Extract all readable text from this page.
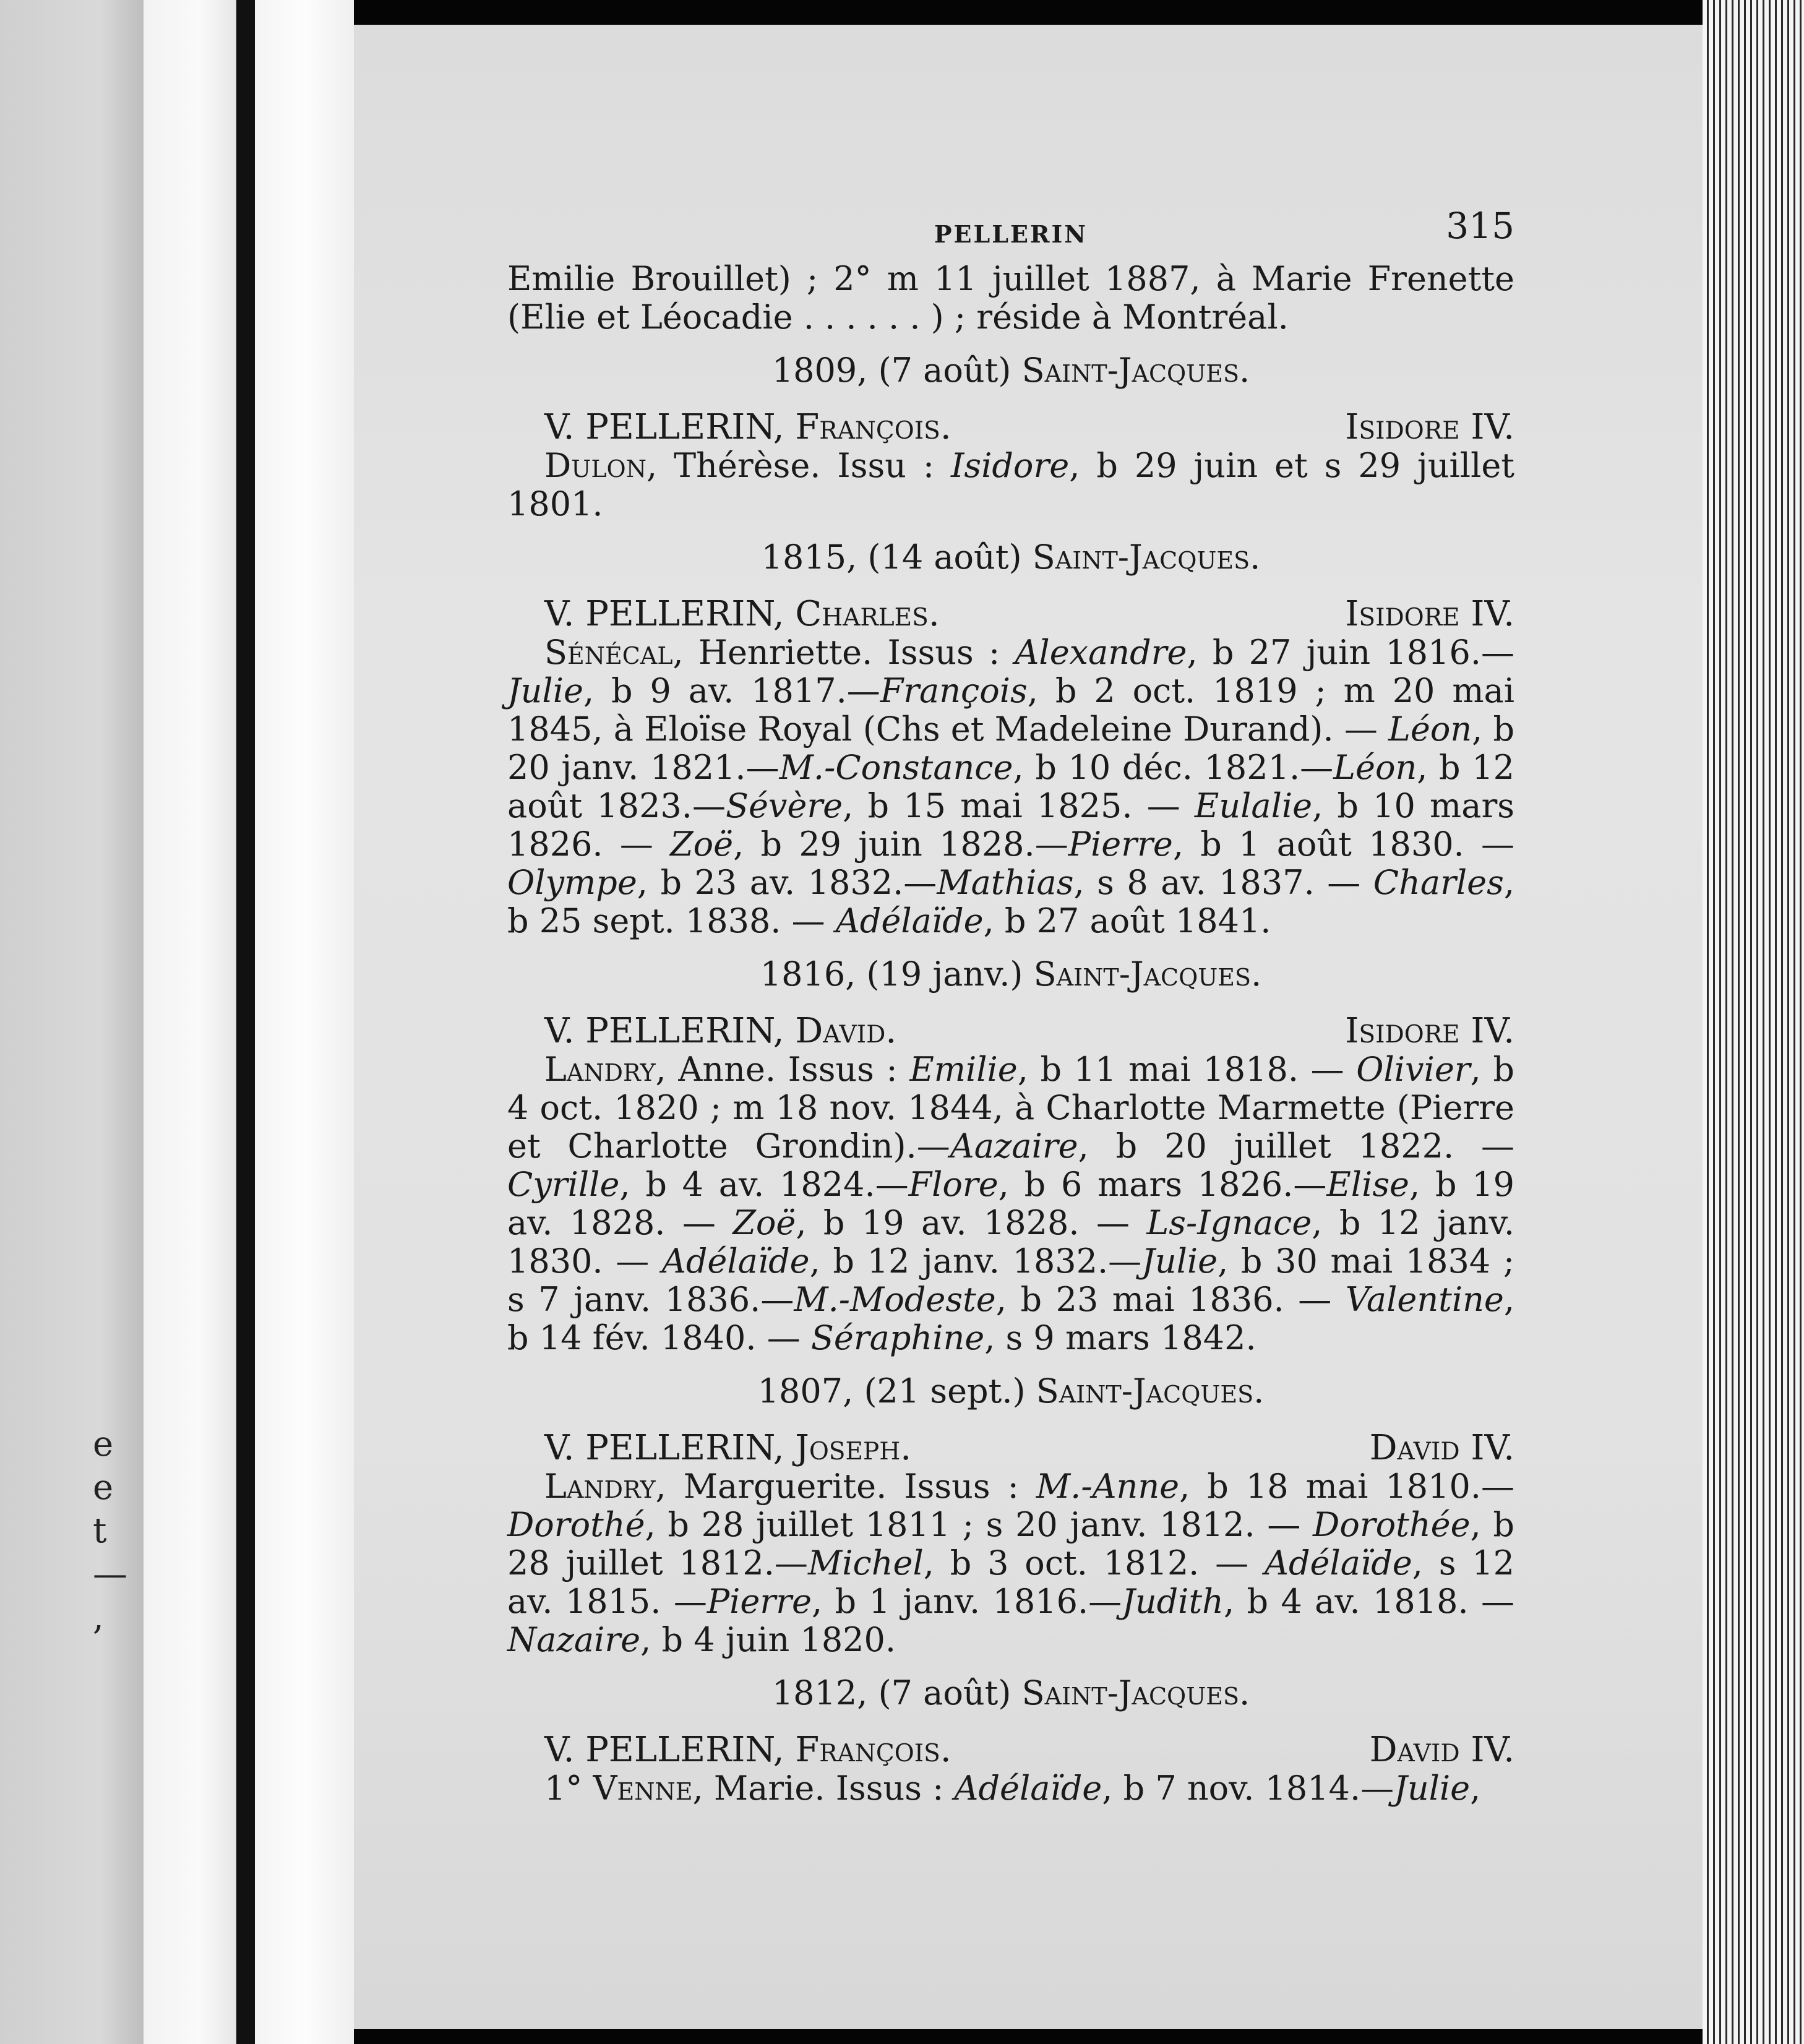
e
e
t
—
,
PELLERIN	315

Emilie Brouillet) ; 2° m 11 juillet 1887, à Marie Frenette (Elie et Léocadie . . . . . . ) ; réside à Montréal.

1809, (7 août) Saint-Jacques.

V. PELLERIN, François.	Isidore IV.

Dulon, Thérèse. Issu : Isidore, b 29 juin et s 29 juillet 1801.

1815, (14 août) Saint-Jacques.

V. PELLERIN, Charles.	Isidore IV.

Sénécal, Henriette. Issus : Alexandre, b 27 juin 1816.—Julie, b 9 av. 1817.—François, b 2 oct. 1819 ; m 20 mai 1845, à Eloïse Royal (Chs et Madeleine Durand). — Léon, b 20 janv. 1821.—M.-Constance, b 10 déc. 1821.—Léon, b 12 août 1823.—Sévère, b 15 mai 1825. — Eulalie, b 10 mars 1826. — Zoë, b 29 juin 1828.—Pierre, b 1 août 1830. — Olympe, b 23 av. 1832.—Mathias, s 8 av. 1837. — Charles, b 25 sept. 1838. — Adélaïde, b 27 août 1841.

1816, (19 janv.) Saint-Jacques.

V. PELLERIN, David.	Isidore IV.

Landry, Anne. Issus : Emilie, b 11 mai 1818. — Olivier, b 4 oct. 1820 ; m 18 nov. 1844, à Charlotte Marmette (Pierre et Charlotte Grondin).—Aazaire, b 20 juillet 1822. — Cyrille, b 4 av. 1824.—Flore, b 6 mars 1826.—Elise, b 19 av. 1828. — Zoë, b 19 av. 1828. — Ls-Ignace, b 12 janv. 1830. — Adélaïde, b 12 janv. 1832.—Julie, b 30 mai 1834 ; s 7 janv. 1836.—M.-Modeste, b 23 mai 1836. — Valentine, b 14 fév. 1840. — Séraphine, s 9 mars 1842.

1807, (21 sept.) Saint-Jacques.

V. PELLERIN, Joseph.	David IV.

Landry, Marguerite. Issus : M.-Anne, b 18 mai 1810.—Dorothé, b 28 juillet 1811 ; s 20 janv. 1812. — Dorothée, b 28 juillet 1812.—Michel, b 3 oct. 1812. — Adélaïde, s 12 av. 1815. —Pierre, b 1 janv. 1816.—Judith, b 4 av. 1818. — Nazaire, b 4 juin 1820.

1812, (7 août) Saint-Jacques.

V. PELLERIN, François.	David IV.

1° Venne, Marie. Issus : Adélaïde, b 7 nov. 1814.—Julie,
